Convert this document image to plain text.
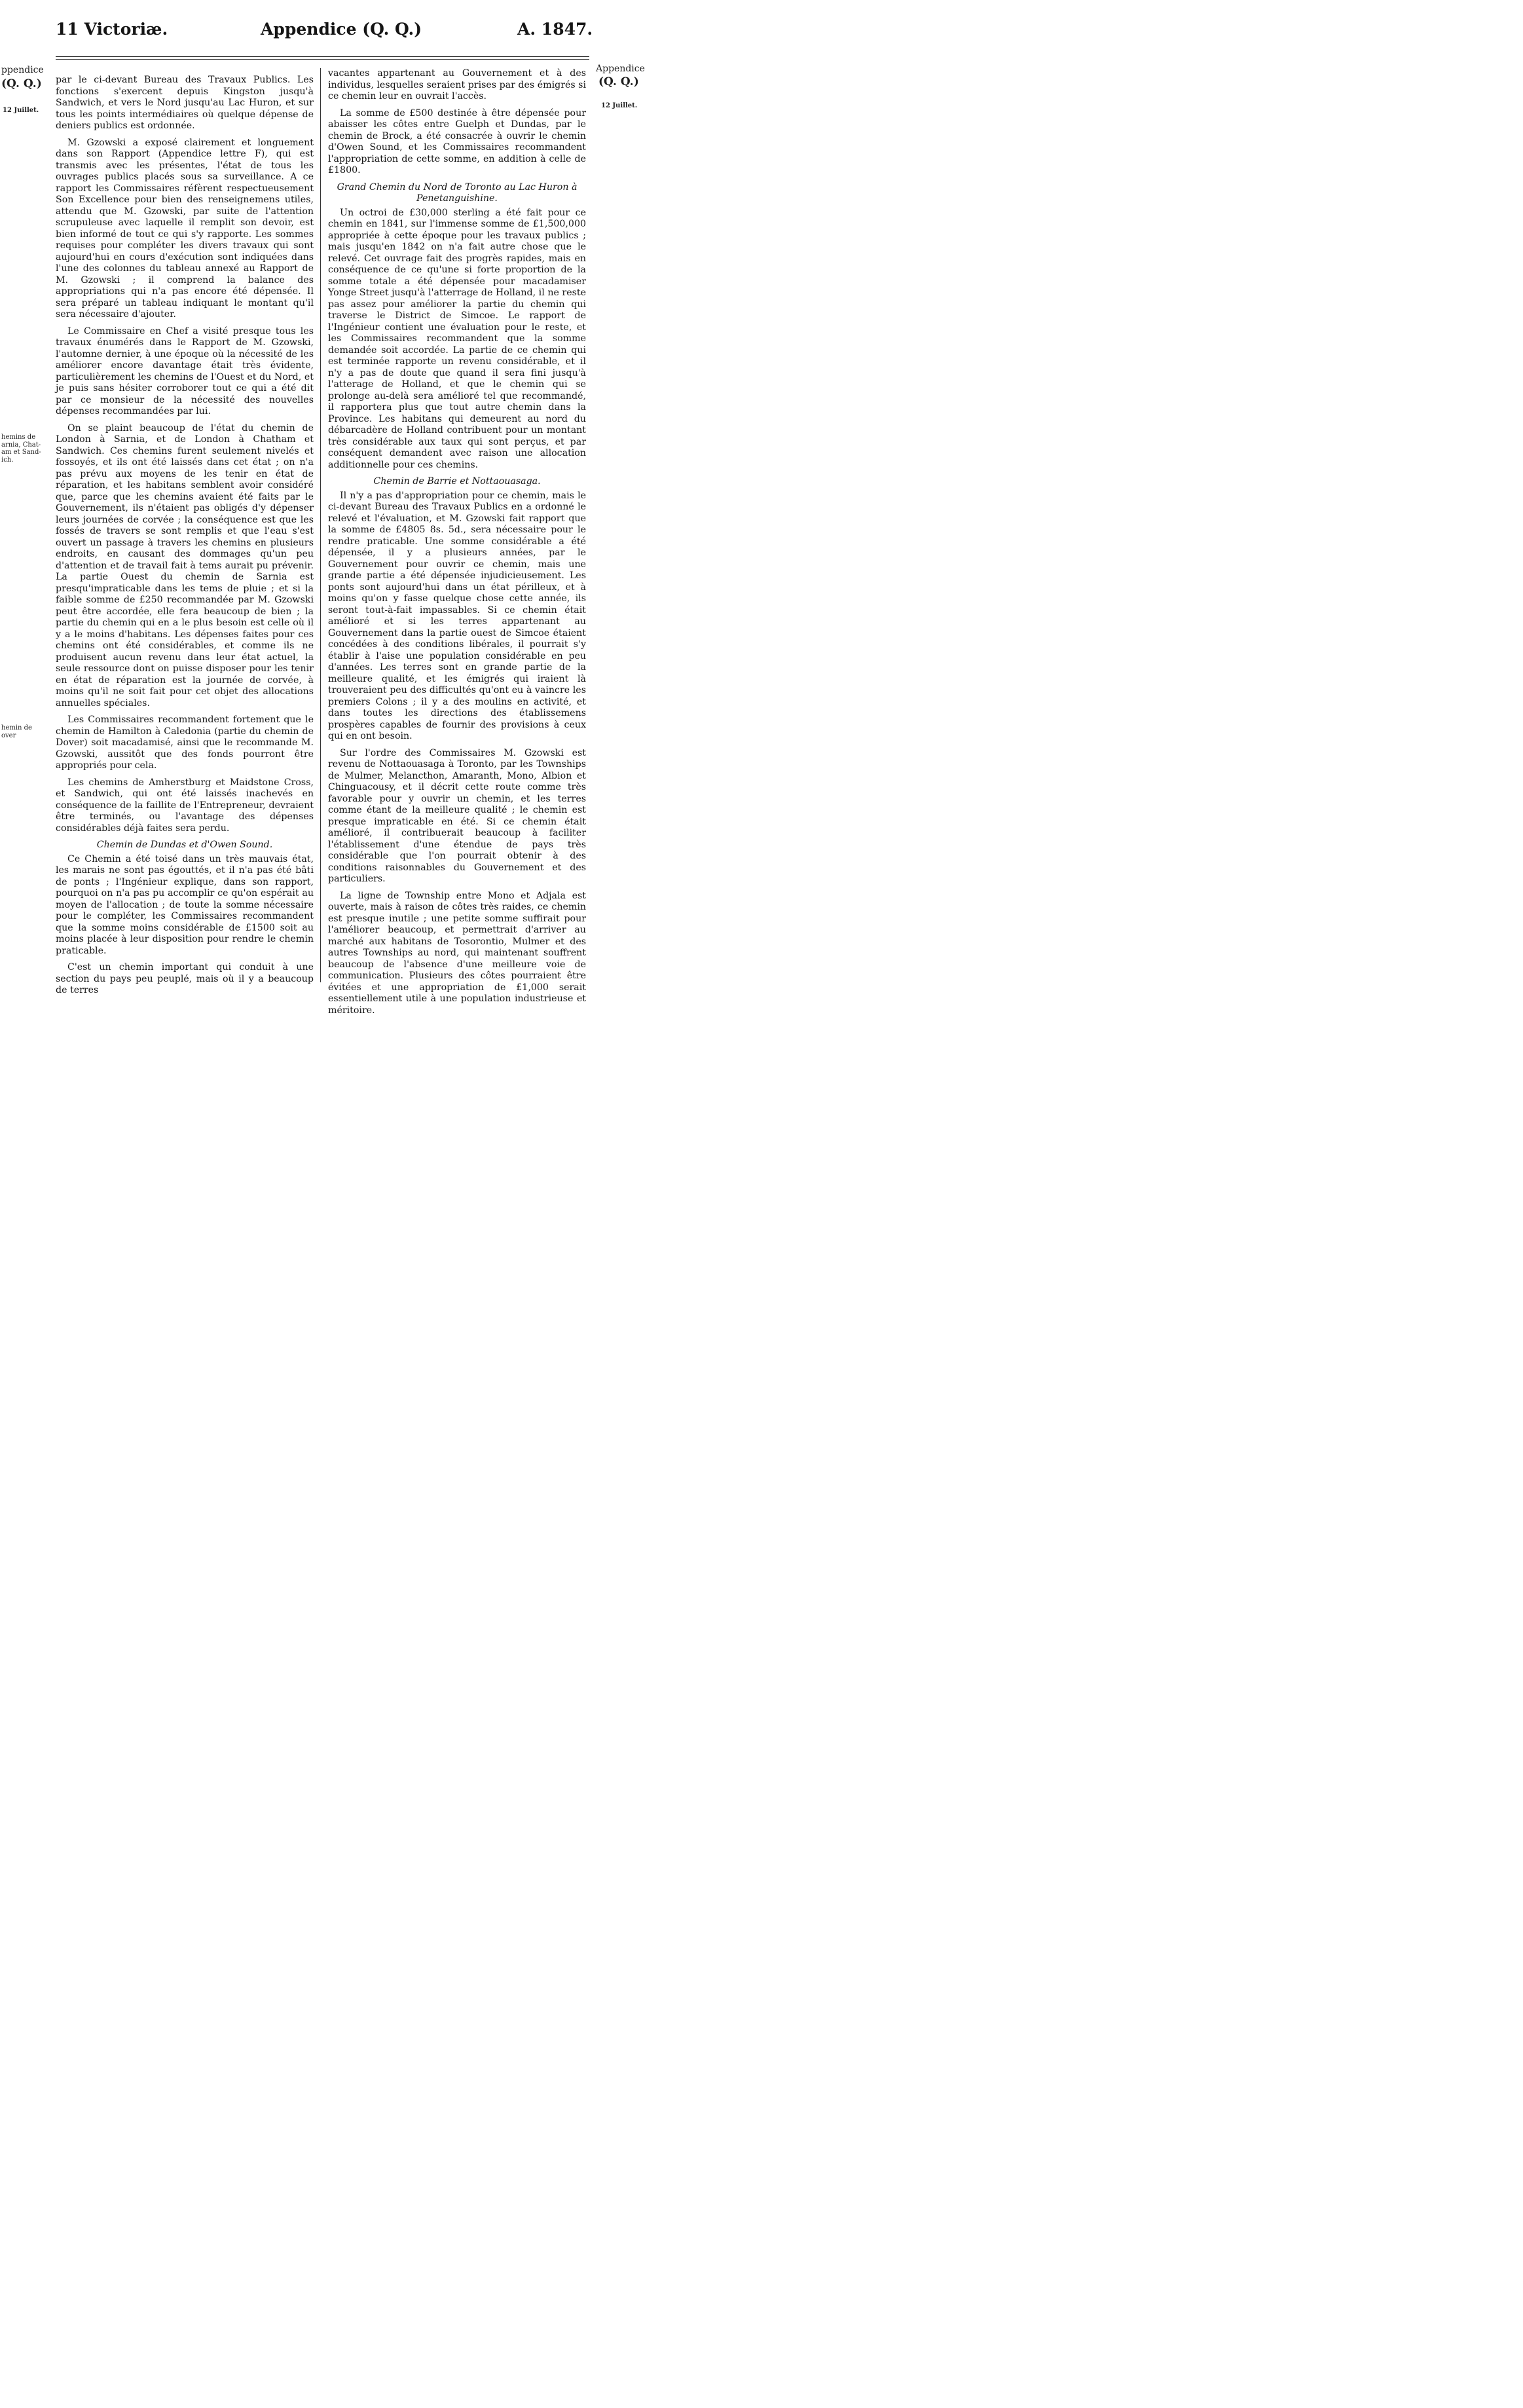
11 Victoriæ.	Appendice (Q. Q.)	A. 1847.
ppendice
(Q. Q.)
12 Juillet.
hemins de arnia, Chat- am et Sand- ich.
hemin de over
Appendice
(Q. Q.)
12 Juillet.

par le ci-devant Bureau des Travaux Publics. Les fonctions s'exercent depuis Kingston jusqu'à Sandwich, et vers le Nord jusqu'au Lac Huron, et sur tous les points intermédiaires où quelque dépense de deniers publics est ordonnée.

M. Gzowski a exposé clairement et longuement dans son Rapport (Appendice lettre F), qui est transmis avec les présentes, l'état de tous les ouvrages publics placés sous sa surveillance. A ce rapport les Commissaires réfèrent respectueusement Son Excellence pour bien des renseignemens utiles, attendu que M. Gzowski, par suite de l'attention scrupuleuse avec laquelle il remplit son devoir, est bien informé de tout ce qui s'y rapporte. Les sommes requises pour compléter les divers travaux qui sont aujourd'hui en cours d'exécution sont indiquées dans l'une des colonnes du tableau annexé au Rapport de M. Gzowski ; il comprend la balance des appropriations qui n'a pas encore été dépensée. Il sera préparé un tableau indiquant le montant qu'il sera nécessaire d'ajouter.

Le Commissaire en Chef a visité presque tous les travaux énumérés dans le Rapport de M. Gzowski, l'automne dernier, à une époque où la nécessité de les améliorer encore davantage était très évidente, particulièrement les chemins de l'Ouest et du Nord, et je puis sans hésiter corroborer tout ce qui a été dit par ce monsieur de la nécessité des nouvelles dépenses recommandées par lui.

On se plaint beaucoup de l'état du chemin de London à Sarnia, et de London à Chatham et Sandwich. Ces chemins furent seulement nivelés et fossoyés, et ils ont été laissés dans cet état ; on n'a pas prévu aux moyens de les tenir en état de réparation, et les habitans semblent avoir considéré que, parce que les chemins avaient été faits par le Gouvernement, ils n'étaient pas obligés d'y dépenser leurs journées de corvée ; la conséquence est que les fossés de travers se sont remplis et que l'eau s'est ouvert un passage à travers les chemins en plusieurs endroits, en causant des dommages qu'un peu d'attention et de travail fait à tems aurait pu prévenir. La partie Ouest du chemin de Sarnia est presqu'impraticable dans les tems de pluie ; et si la faible somme de £250 recommandée par M. Gzowski peut être accordée, elle fera beaucoup de bien ; la partie du chemin qui en a le plus besoin est celle où il y a le moins d'habitans. Les dépenses faites pour ces chemins ont été considérables, et comme ils ne produisent aucun revenu dans leur état actuel, la seule ressource dont on puisse disposer pour les tenir en état de réparation est la journée de corvée, à moins qu'il ne soit fait pour cet objet des allocations annuelles spéciales.

Les Commissaires recommandent fortement que le chemin de Hamilton à Caledonia (partie du chemin de Dover) soit macadamisé, ainsi que le recommande M. Gzowski, aussitôt que des fonds pourront être appropriés pour cela.

Les chemins de Amherstburg et Maidstone Cross, et Sandwich, qui ont été laissés inachevés en conséquence de la faillite de l'Entrepreneur, devraient être terminés, ou l'avantage des dépenses considérables déjà faites sera perdu.

Chemin de Dundas et d'Owen Sound.

Ce Chemin a été toisé dans un très mauvais état, les marais ne sont pas égouttés, et il n'a pas été bâti de ponts ; l'Ingénieur explique, dans son rapport, pourquoi on n'a pas pu accomplir ce qu'on espérait au moyen de l'allocation ; de toute la somme nécessaire pour le compléter, les Commissaires recommandent que la somme moins considérable de £1500 soit au moins placée à leur disposition pour rendre le chemin praticable.

C'est un chemin important qui conduit à une section du pays peu peuplé, mais où il y a beaucoup de terres

vacantes appartenant au Gouvernement et à des individus, lesquelles seraient prises par des émigrés si ce chemin leur en ouvrait l'accès.

La somme de £500 destinée à être dépensée pour abaisser les côtes entre Guelph et Dundas, par le chemin de Brock, a été consacrée à ouvrir le chemin d'Owen Sound, et les Commissaires recommandent l'appropriation de cette somme, en addition à celle de £1800.

Grand Chemin du Nord de Toronto au Lac Huron à Penetanguishine.

Un octroi de £30,000 sterling a été fait pour ce chemin en 1841, sur l'immense somme de £1,500,000 appropriée à cette époque pour les travaux publics ; mais jusqu'en 1842 on n'a fait autre chose que le relevé. Cet ouvrage fait des progrès rapides, mais en conséquence de ce qu'une si forte proportion de la somme totale a été dépensée pour macadamiser Yonge Street jusqu'à l'atterrage de Holland, il ne reste pas assez pour améliorer la partie du chemin qui traverse le District de Simcoe. Le rapport de l'Ingénieur contient une évaluation pour le reste, et les Commissaires recommandent que la somme demandée soit accordée. La partie de ce chemin qui est terminée rapporte un revenu considérable, et il n'y a pas de doute que quand il sera fini jusqu'à l'atterage de Holland, et que le chemin qui se prolonge au-delà sera amélioré tel que recommandé, il rapportera plus que tout autre chemin dans la Province. Les habitans qui demeurent au nord du débarcadère de Holland contribuent pour un montant très considérable aux taux qui sont perçus, et par conséquent demandent avec raison une allocation additionnelle pour ces chemins.

Chemin de Barrie et Nottaouasaga.

Il n'y a pas d'appropriation pour ce chemin, mais le ci-devant Bureau des Travaux Publics en a ordonné le relevé et l'évaluation, et M. Gzowski fait rapport que la somme de £4805 8s. 5d., sera nécessaire pour le rendre praticable. Une somme considérable a été dépensée, il y a plusieurs années, par le Gouvernement pour ouvrir ce chemin, mais une grande partie a été dépensée injudicieusement. Les ponts sont aujourd'hui dans un état périlleux, et à moins qu'on y fasse quelque chose cette année, ils seront tout-à-fait impassables. Si ce chemin était amélioré et si les terres appartenant au Gouvernement dans la partie ouest de Simcoe étaient concédées à des conditions libérales, il pourrait s'y établir à l'aise une population considérable en peu d'années. Les terres sont en grande partie de la meilleure qualité, et les émigrés qui iraient là trouveraient peu des difficultés qu'ont eu à vaincre les premiers Colons ; il y a des moulins en activité, et dans toutes les directions des établissemens prospères capables de fournir des provisions à ceux qui en ont besoin.

Sur l'ordre des Commissaires M. Gzowski est revenu de Nottaouasaga à Toronto, par les Townships de Mulmer, Melancthon, Amaranth, Mono, Albion et Chinguacousy, et il décrit cette route comme très favorable pour y ouvrir un chemin, et les terres comme étant de la meilleure qualité ; le chemin est presque impraticable en été. Si ce chemin était amélioré, il contribuerait beaucoup à faciliter l'établissement d'une étendue de pays très considérable que l'on pourrait obtenir à des conditions raisonnables du Gouvernement et des particuliers.

La ligne de Township entre Mono et Adjala est ouverte, mais à raison de côtes très raides, ce chemin est presque inutile ; une petite somme suffirait pour l'améliorer beaucoup, et permettrait d'arriver au marché aux habitans de Tosorontio, Mulmer et des autres Townships au nord, qui maintenant souffrent beaucoup de l'absence d'une meilleure voie de communication. Plusieurs des côtes pourraient être évitées et une appropriation de £1,000 serait essentiellement utile à une population industrieuse et méritoire.
